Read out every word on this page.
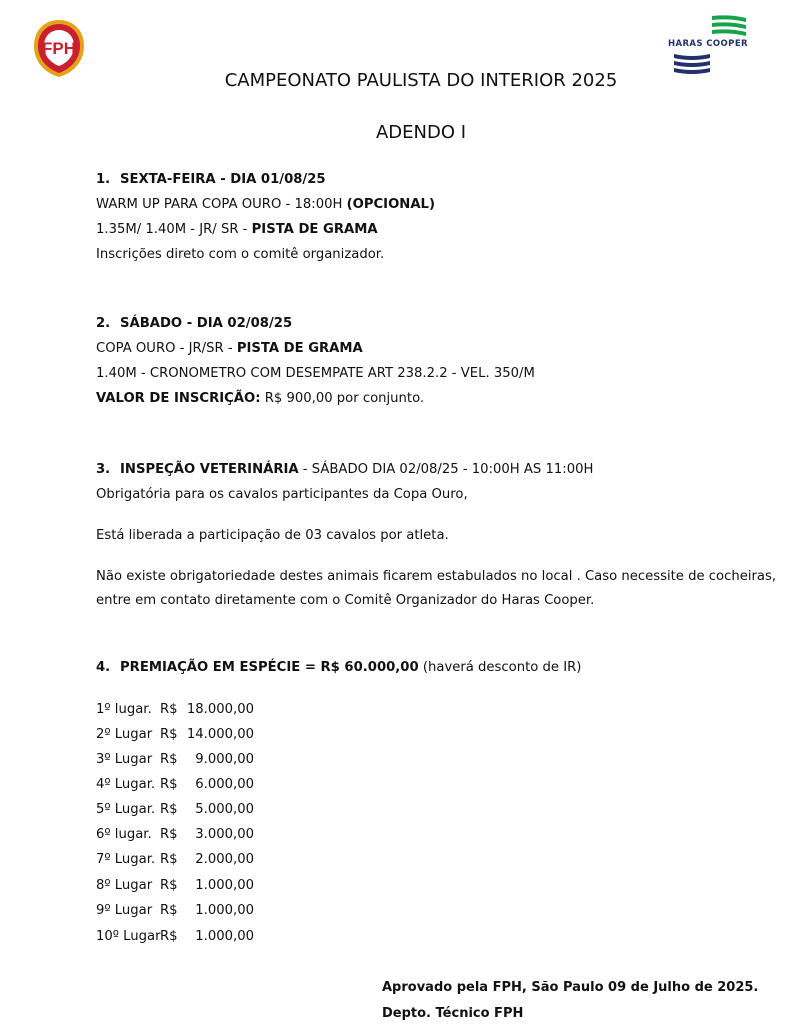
FPH	HARAS COOPER
CAMPEONATO PAULISTA DO INTERIOR 2025
ADENDO I
1. SEXTA-FEIRA - DIA 01/08/25
WARM UP PARA COPA OURO - 18:00H (OPCIONAL)
1.35M/ 1.40M - JR/ SR - PISTA DE GRAMA
Inscrições direto com o comitê organizador.
2. SÁBADO - DIA 02/08/25
COPA OURO - JR/SR - PISTA DE GRAMA
1.40M - CRONOMETRO COM DESEMPATE ART 238.2.2 - VEL. 350/M
VALOR DE INSCRIÇÃO: R$ 900,00 por conjunto.
3. INSPEÇÃO VETERINÁRIA - SÁBADO DIA 02/08/25 - 10:00H AS 11:00H
Obrigatória para os cavalos participantes da Copa Ouro,
Está liberada a participação de 03 cavalos por atleta.
Não existe obrigatoriedade destes animais ficarem estabulados no local . Caso necessite de cocheiras,
entre em contato diretamente com o Comitê Organizador do Haras Cooper.
4. PREMIAÇÃO EM ESPÉCIE = R$ 60.000,00 (haverá desconto de IR)
1º lugar. R$ 18.000,00
2º Lugar R$ 14.000,00
3º Lugar R$ 9.000,00
4º Lugar. R$ 6.000,00
5º Lugar. R$ 5.000,00
6º lugar. R$ 3.000,00
7º Lugar. R$ 2.000,00
8º Lugar R$ 1.000,00
9º Lugar R$ 1.000,00
10º LugarR$ 1.000,00
Aprovado pela FPH, São Paulo 09 de Julho de 2025.
Depto. Técnico FPH
